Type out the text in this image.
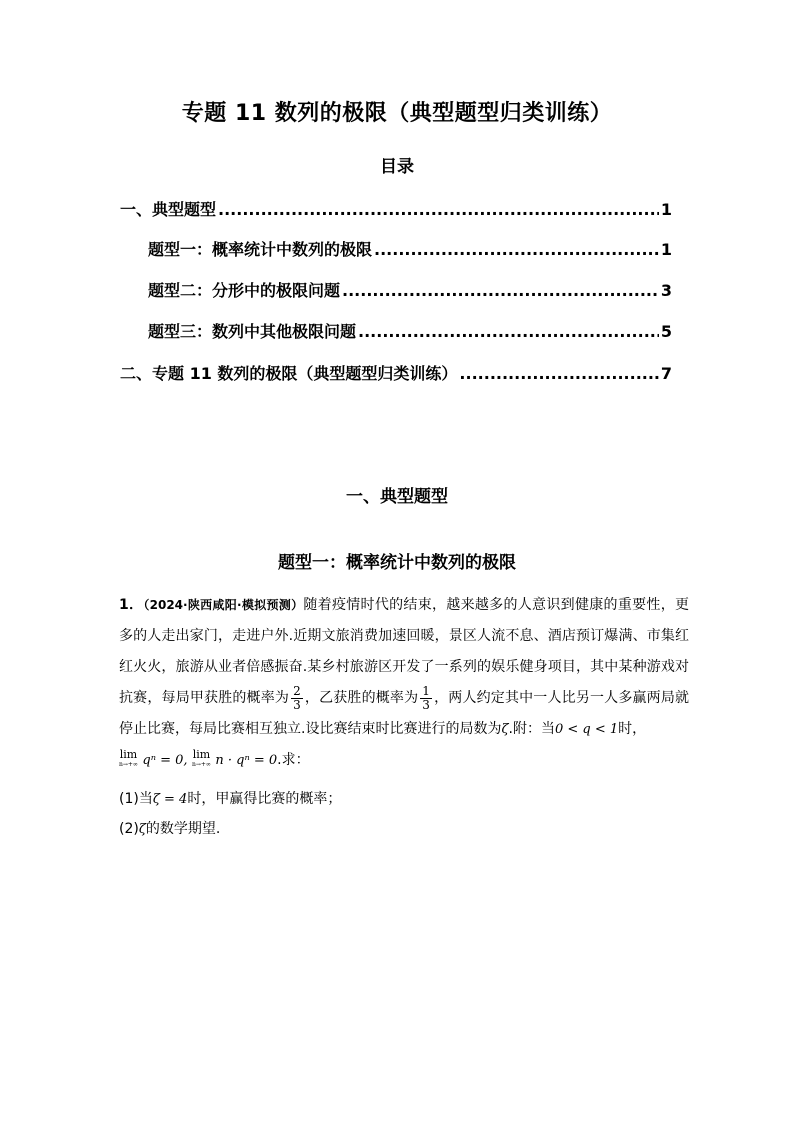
专题 11 数列的极限（典型题型归类训练）
目录
一、典型题型 .....	1
题型一：概率统计中数列的极限 .....	1
题型二：分形中的极限问题 .....	3
题型三：数列中其他极限问题 .....	5
二、专题 11 数列的极限（典型题型归类训练） .....	7
一、典型题型
题型一：概率统计中数列的极限
1．（2024·陕西咸阳·模拟预测）随着疫情时代的结束，越来越多的人意识到健康的重要性，更多的人走出家门，走进户外.近期文旅消费加速回暖，景区人流不息、酒店预订爆满、市集红红火火，旅游从业者倍感振奋.某乡村旅游区开发了一系列的娱乐健身项目，其中某种游戏对抗赛，每局甲获胜的概率为 $\frac{2}{3}$ ，乙获胜的概率为 $\frac{1}{3}$ ，两人约定其中一人比另一人多赢两局就停止比赛，每局比赛相互独立.设比赛结束时比赛进行的局数为ζ.附：当0 < q < 1时，

lim
n→+∞ qⁿ = 0, lim
n→+∞ n · qⁿ = 0.求：
(1)当ζ = 4时，甲赢得比赛的概率；
(2)ζ的数学期望.
